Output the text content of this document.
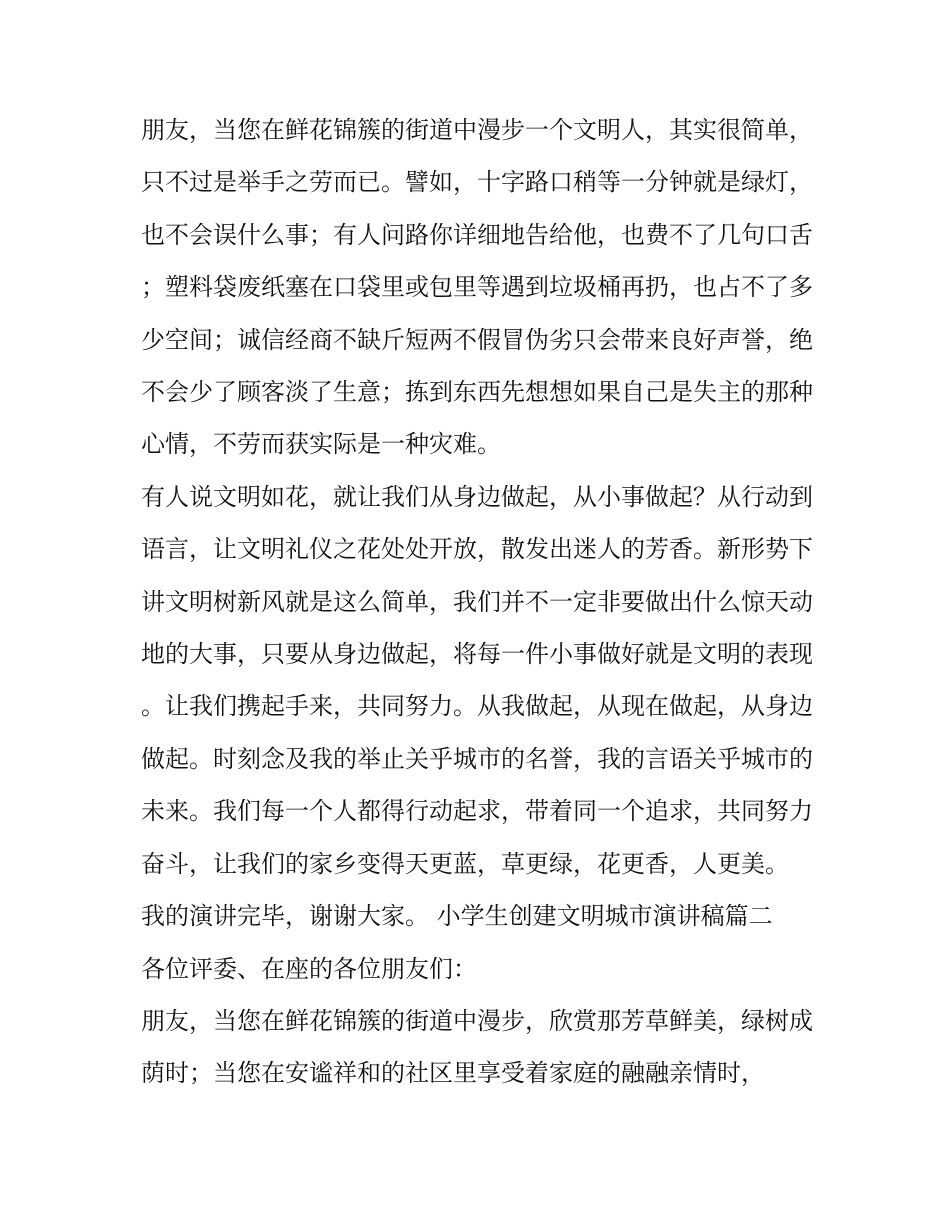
朋友，当您在鲜花锦簇的街道中漫步一个文明人，其实很简单，只不过是举手之劳而已。譬如，十字路口稍等一分钟就是绿灯，也不会误什么事；有人问路你详细地告给他，也费不了几句口舌；塑料袋废纸塞在口袋里或包里等遇到垃圾桶再扔，也占不了多少空间；诚信经商不缺斤短两不假冒伪劣只会带来良好声誉，绝不会少了顾客淡了生意；拣到东西先想想如果自己是失主的那种心情，不劳而获实际是一种灾难。

有人说文明如花，就让我们从身边做起，从小事做起？从行动到语言，让文明礼仪之花处处开放，散发出迷人的芳香。新形势下讲文明树新风就是这么简单，我们并不一定非要做出什么惊天动地的大事，只要从身边做起，将每一件小事做好就是文明的表现。让我们携起手来，共同努力。从我做起，从现在做起，从身边做起。时刻念及我的举止关乎城市的名誉，我的言语关乎城市的未来。我们每一个人都得行动起求，带着同一个追求，共同努力奋斗，让我们的家乡变得天更蓝，草更绿，花更香，人更美。

我的演讲完毕，谢谢大家。 小学生创建文明城市演讲稿篇二

各位评委、在座的各位朋友们：

朋友，当您在鲜花锦簇的街道中漫步，欣赏那芳草鲜美，绿树成荫时；当您在安谧祥和的社区里享受着家庭的融融亲情时，
